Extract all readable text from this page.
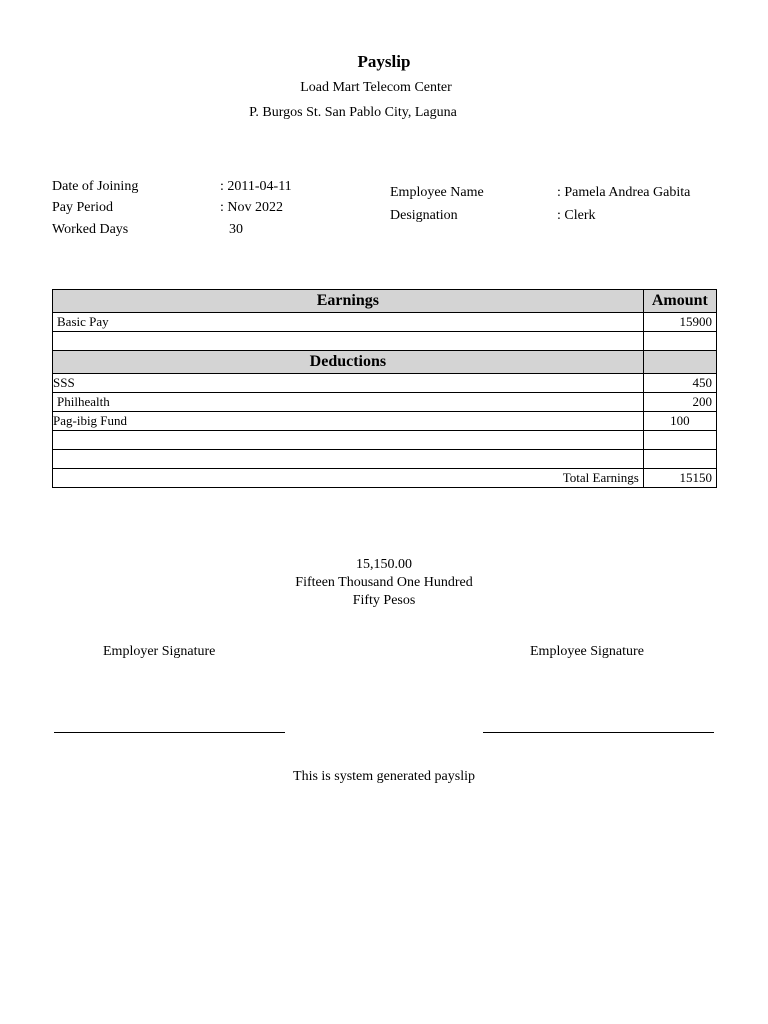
Payslip
Load Mart Telecom Center
P. Burgos St. San Pablo City, Laguna
Date of Joining	: 2011-04-11
Pay Period	: Nov 2022
Worked Days	30
Employee Name	: Pamela Andrea Gabita
Designation	: Clerk
Earnings	Amount
Basic Pay	15900

Deductions	
SSS	450
Philhealth	200
Pag-ibig Fund	100

Total Earnings	15150
15,150.00
Fifteen Thousand One Hundred
Fifty Pesos
Employer Signature	Employee Signature
This is system generated payslip
